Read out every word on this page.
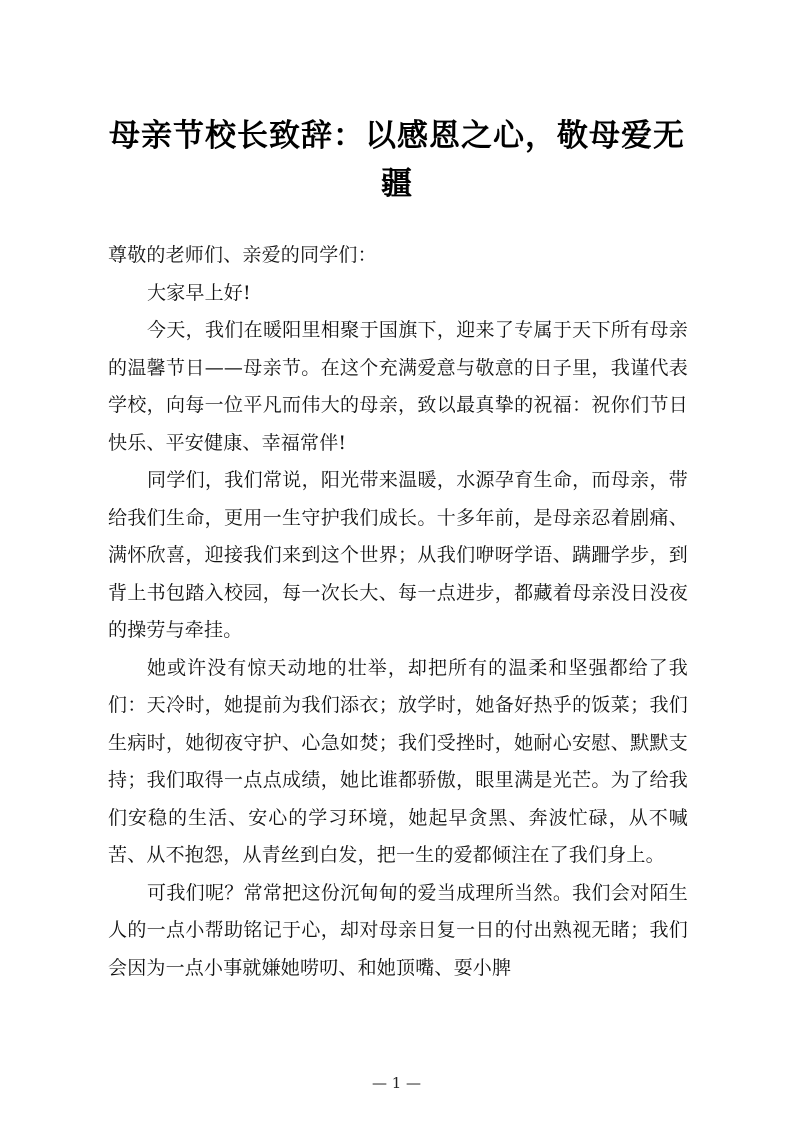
母亲节校长致辞：以感恩之心，敬母爱无疆

尊敬的老师们、亲爱的同学们：

大家早上好!

今天，我们在暖阳里相聚于国旗下，迎来了专属于天下所有母亲的温馨节日——母亲节。在这个充满爱意与敬意的日子里，我谨代表学校，向每一位平凡而伟大的母亲，致以最真挚的祝福：祝你们节日快乐、平安健康、幸福常伴!

同学们，我们常说，阳光带来温暖，水源孕育生命，而母亲，带给我们生命，更用一生守护我们成长。十多年前，是母亲忍着剧痛、满怀欣喜，迎接我们来到这个世界；从我们咿呀学语、蹒跚学步，到背上书包踏入校园，每一次长大、每一点进步，都藏着母亲没日没夜的操劳与牵挂。

她或许没有惊天动地的壮举，却把所有的温柔和坚强都给了我们：天冷时，她提前为我们添衣；放学时，她备好热乎的饭菜；我们生病时，她彻夜守护、心急如焚；我们受挫时，她耐心安慰、默默支持；我们取得一点点成绩，她比谁都骄傲，眼里满是光芒。为了给我们安稳的生活、安心的学习环境，她起早贪黑、奔波忙碌，从不喊苦、从不抱怨，从青丝到白发，把一生的爱都倾注在了我们身上。

可我们呢？常常把这份沉甸甸的爱当成理所当然。我们会对陌生人的一点小帮助铭记于心，却对母亲日复一日的付出熟视无睹；我们会因为一点小事就嫌她唠叨、和她顶嘴、耍小脾

— 1 —
